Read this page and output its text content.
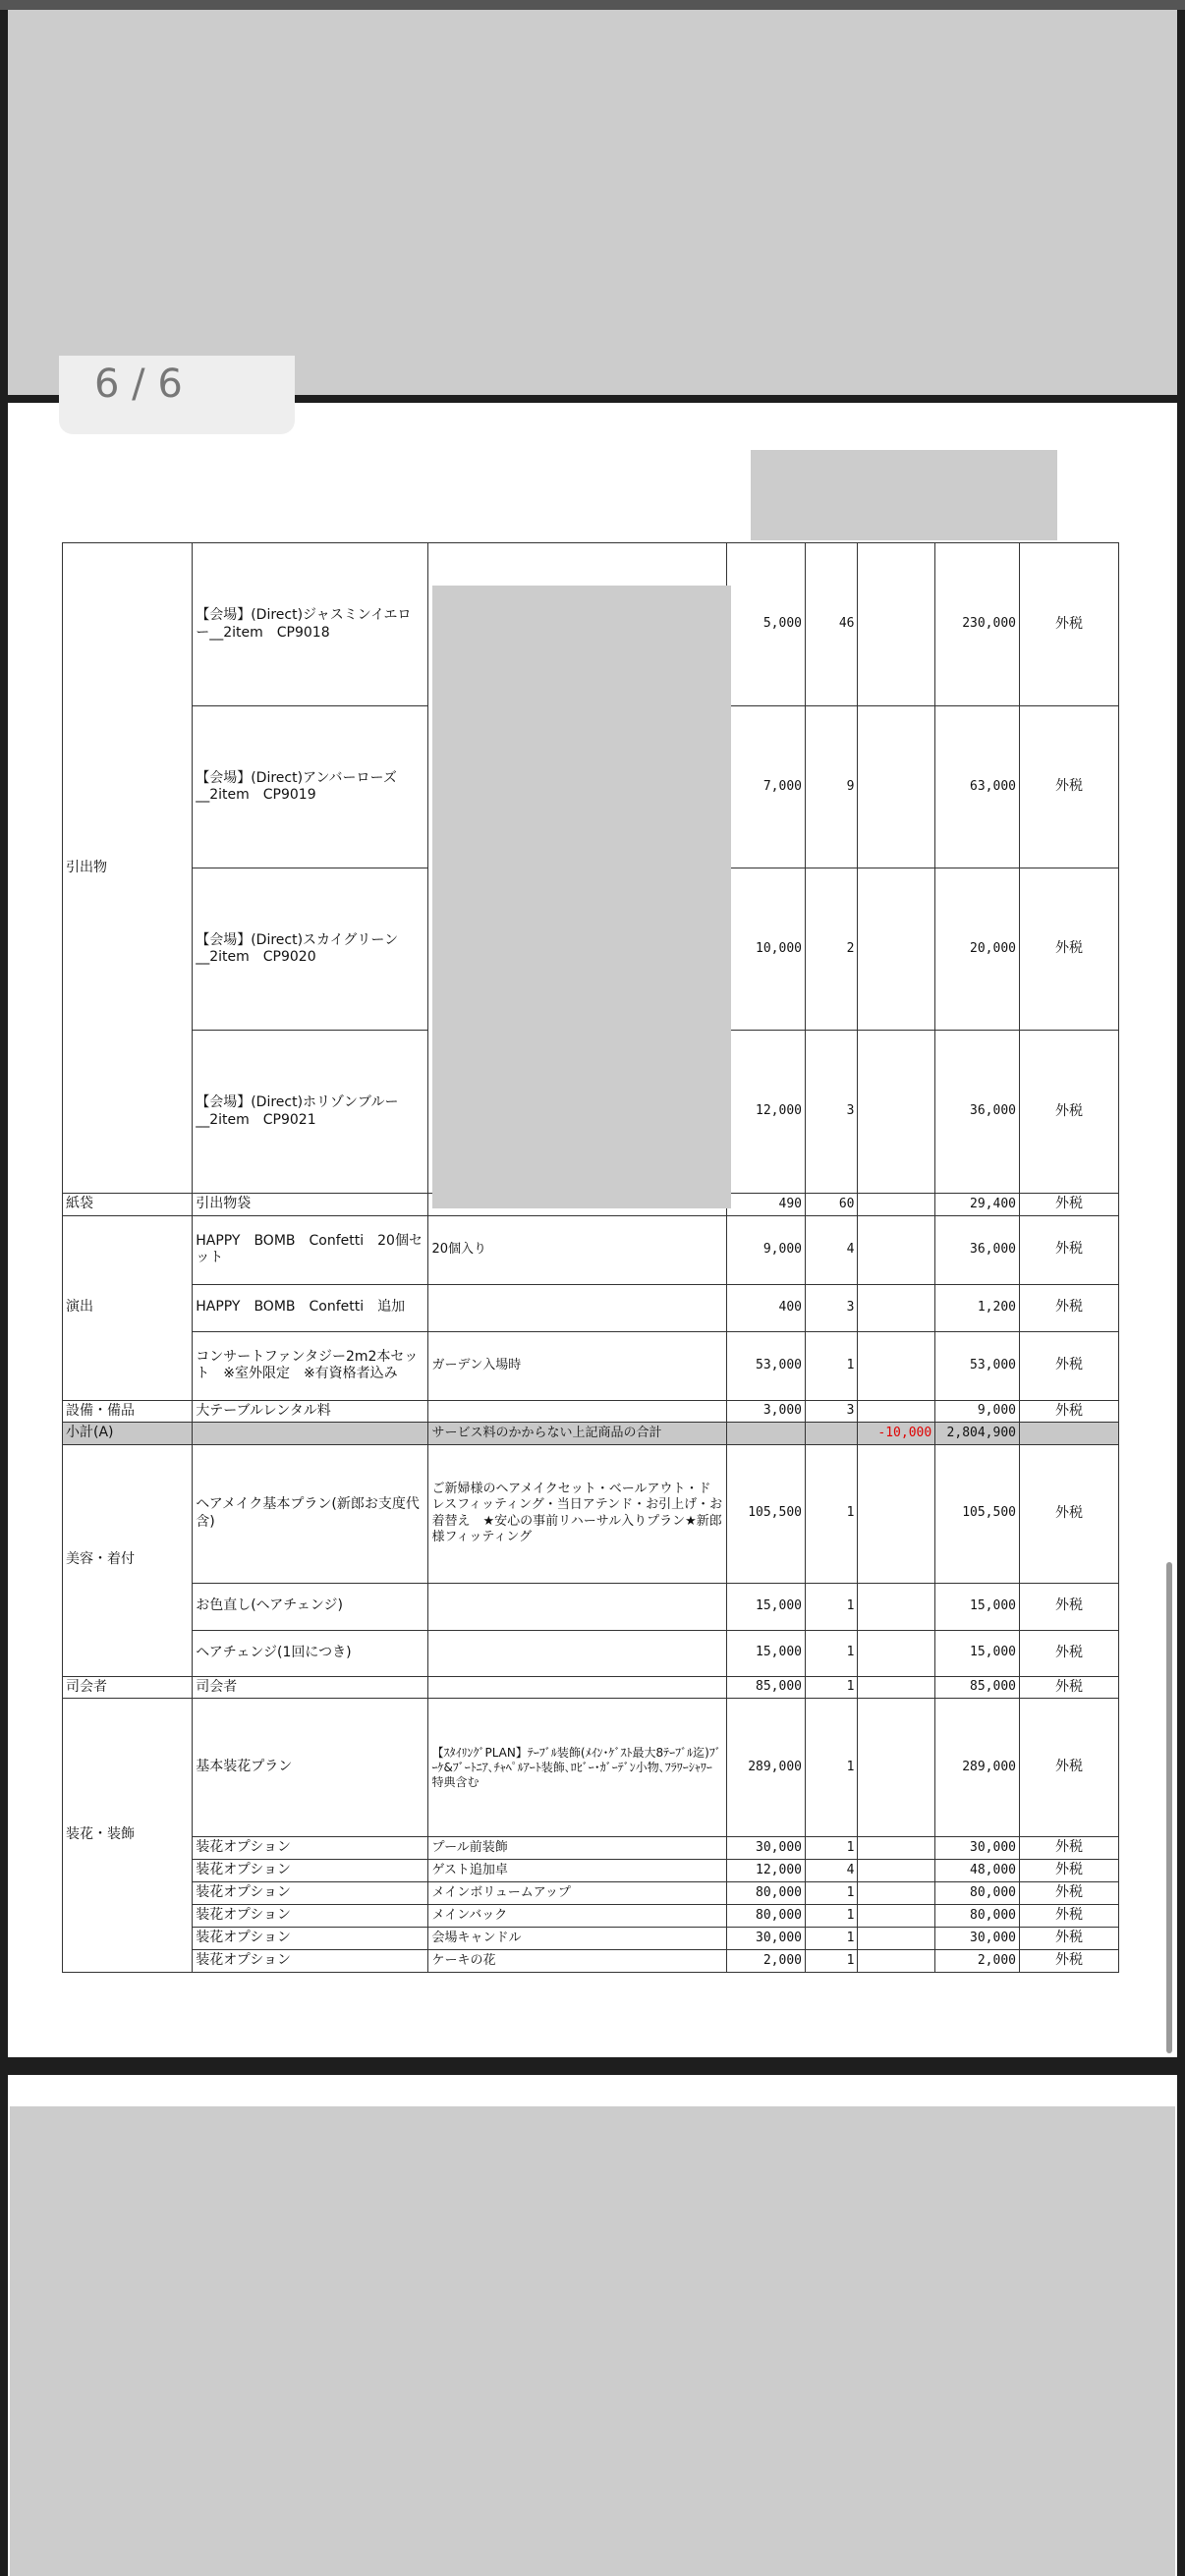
引出物	【会場】(Direct)ジャスミンイエロー__2item　CP9018		5,000	46		230,000	外税
	【会場】(Direct)アンバーローズ__2item　CP9019		7,000	9		63,000	外税
	【会場】(Direct)スカイグリーン__2item　CP9020		10,000	2		20,000	外税
	【会場】(Direct)ホリゾンブルー__2item　CP9021		12,000	3		36,000	外税
紙袋	引出物袋		490	60		29,400	外税
演出	HAPPY　BOMB　Confetti　20個セット	20個入り	9,000	4		36,000	外税
	HAPPY　BOMB　Confetti　追加		400	3		1,200	外税
	コンサートファンタジー2m2本セット　※室外限定　※有資格者込み	ガーデン入場時	53,000	1		53,000	外税
設備・備品	大テーブルレンタル料		3,000	3		9,000	外税
小計(A)		サービス料のかからない上記商品の合計			-10,000	2,804,900	
美容・着付	ヘアメイク基本プラン(新郎お支度代含)	ご新婦様のヘアメイクセット・ベールアウト・ドレスフィッティング・当日アテンド・お引上げ・お着替え　★安心の事前リハーサル入りプラン★新郎様フィッティング	105,500	1		105,500	外税
	お色直し(ヘアチェンジ)		15,000	1		15,000	外税
	ヘアチェンジ(1回につき)		15,000	1		15,000	外税
司会者	司会者		85,000	1		85,000	外税
装花・装飾	基本装花プラン	【ｽﾀｲﾘﾝｸﾞPLAN】ﾃｰﾌﾞﾙ装飾(ﾒｲﾝ･ｹﾞｽﾄ最大8ﾃｰﾌﾞﾙ迄)ﾌﾞｰｹ&ﾌﾞｰﾄﾆｱ､ﾁｬﾍﾟﾙｱｰﾄ装飾､ﾛﾋﾞｰ･ｶﾞｰﾃﾞﾝ小物､ﾌﾗﾜｰｼｬﾜｰ特典含む	289,000	1		289,000	外税
	装花オプション	プール前装飾	30,000	1		30,000	外税
	装花オプション	ゲスト追加卓	12,000	4		48,000	外税
	装花オプション	メインボリュームアップ	80,000	1		80,000	外税
	装花オプション	メインバック	80,000	1		80,000	外税
	装花オプション	会場キャンドル	30,000	1		30,000	外税
	装花オプション	ケーキの花	2,000	1		2,000	外税
6 / 6
